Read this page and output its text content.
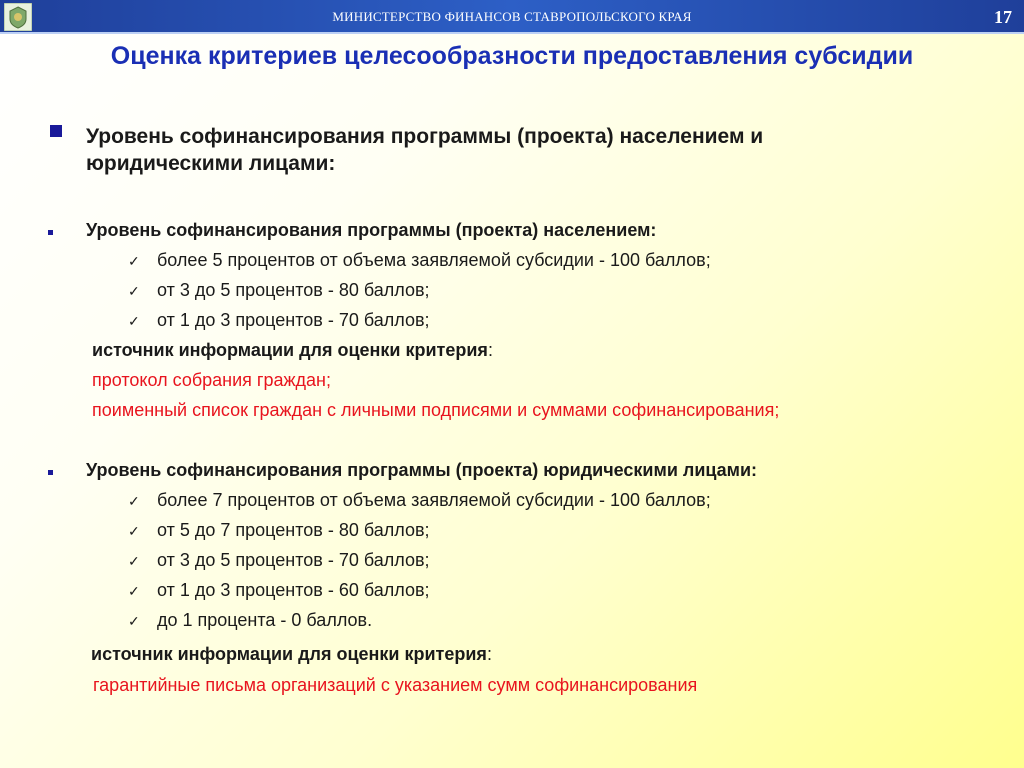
МИНИСТЕРСТВО ФИНАНСОВ СТАВРОПОЛЬСКОГО КРАЯ	17
Оценка критериев целесообразности предоставления субсидии
Уровень софинансирования программы (проекта) населением и
юридическими лицами:
Уровень софинансирования программы (проекта) населением:
✓ более 5 процентов от объема заявляемой субсидии - 100 баллов;
✓ от 3 до 5 процентов - 80 баллов;
✓ от 1 до 3 процентов - 70 баллов;
источник информации для оценки критерия:
протокол собрания граждан;
поименный список граждан с личными подписями и суммами софинансирования;
Уровень софинансирования программы (проекта) юридическими лицами:
✓ более 7 процентов от объема заявляемой субсидии - 100 баллов;
✓ от 5 до 7 процентов - 80 баллов;
✓ от 3 до 5 процентов - 70 баллов;
✓ от 1 до 3 процентов - 60 баллов;
✓ до 1 процента - 0 баллов.
источник информации для оценки критерия:
гарантийные письма организаций с указанием сумм софинансирования
